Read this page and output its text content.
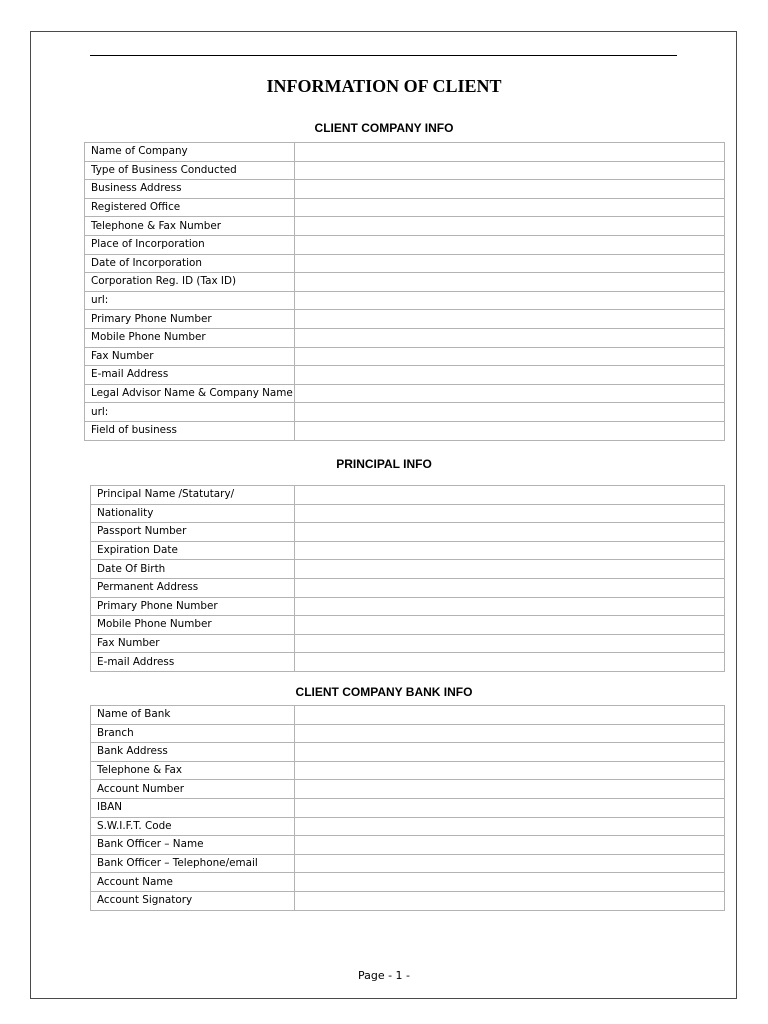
INFORMATION OF CLIENT
CLIENT COMPANY INFO
Name of Company	
Type of Business Conducted	
Business Address	
Registered Office	
Telephone & Fax Number	
Place of Incorporation	
Date of Incorporation	
Corporation Reg. ID (Tax ID)	
url:	
Primary Phone Number	
Mobile Phone Number	
Fax Number	
E-mail Address	
Legal Advisor Name & Company Name	
url:	
Field of business	
PRINCIPAL INFO
Principal Name /Statutary/	
Nationality	
Passport Number	
Expiration Date	
Date Of Birth	
Permanent Address	
Primary Phone Number	
Mobile Phone Number	
Fax Number	
E-mail Address	
CLIENT COMPANY BANK INFO
Name of Bank	
Branch	
Bank Address	
Telephone & Fax	
Account Number	
IBAN	
S.W.I.F.T. Code	
Bank Officer – Name	
Bank Officer – Telephone/email	
Account Name	
Account Signatory	
Page - 1 -
